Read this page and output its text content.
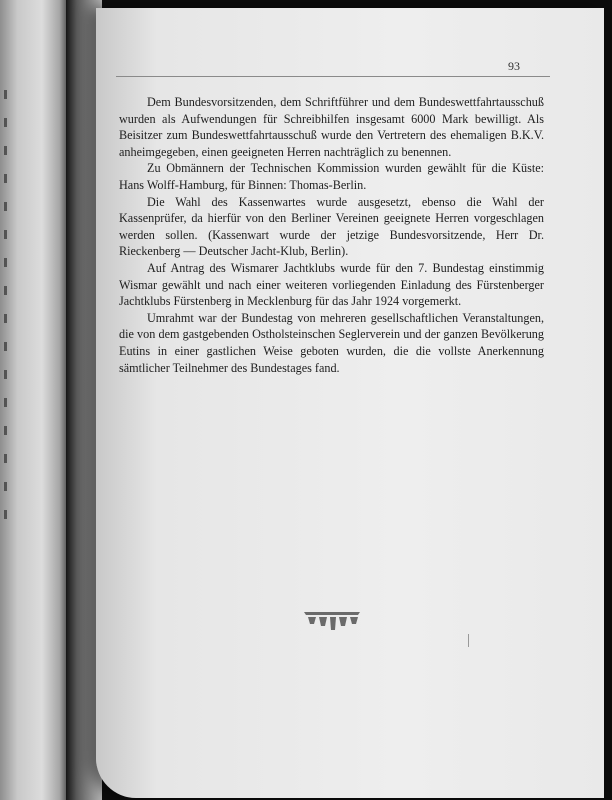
93

Dem Bundesvorsitzenden, dem Schriftführer und dem Bundeswettfahrtausschuß wurden als Aufwendungen für Schreibhilfen insgesamt 6000 Mark bewilligt. Als Beisitzer zum Bundeswettfahrtausschuß wurde den Vertretern des ehemaligen B.K.V. anheimgegeben, einen geeigneten Herren nachträglich zu benennen.

Zu Obmännern der Technischen Kommission wurden gewählt für die Küste: Hans Wolff-Hamburg, für Binnen: Thomas-Berlin.

Die Wahl des Kassenwartes wurde ausgesetzt, ebenso die Wahl der Kassenprüfer, da hierfür von den Berliner Vereinen geeignete Herren vorgeschlagen werden sollen. (Kassenwart wurde der jetzige Bundesvorsitzende, Herr Dr. Rieckenberg — Deutscher Jacht-Klub, Berlin).

Auf Antrag des Wismarer Jachtklubs wurde für den 7. Bundestag einstimmig Wismar gewählt und nach einer weiteren vorliegenden Einladung des Fürstenberger Jachtklubs Fürstenberg in Mecklenburg für das Jahr 1924 vorgemerkt.

Umrahmt war der Bundestag von mehreren gesellschaftlichen Veranstaltungen, die von dem gastgebenden Ostholsteinschen Seglerverein und der ganzen Bevölkerung Eutins in einer gastlichen Weise geboten wurden, die die vollste Anerkennung sämtlicher Teilnehmer des Bundestages fand.
